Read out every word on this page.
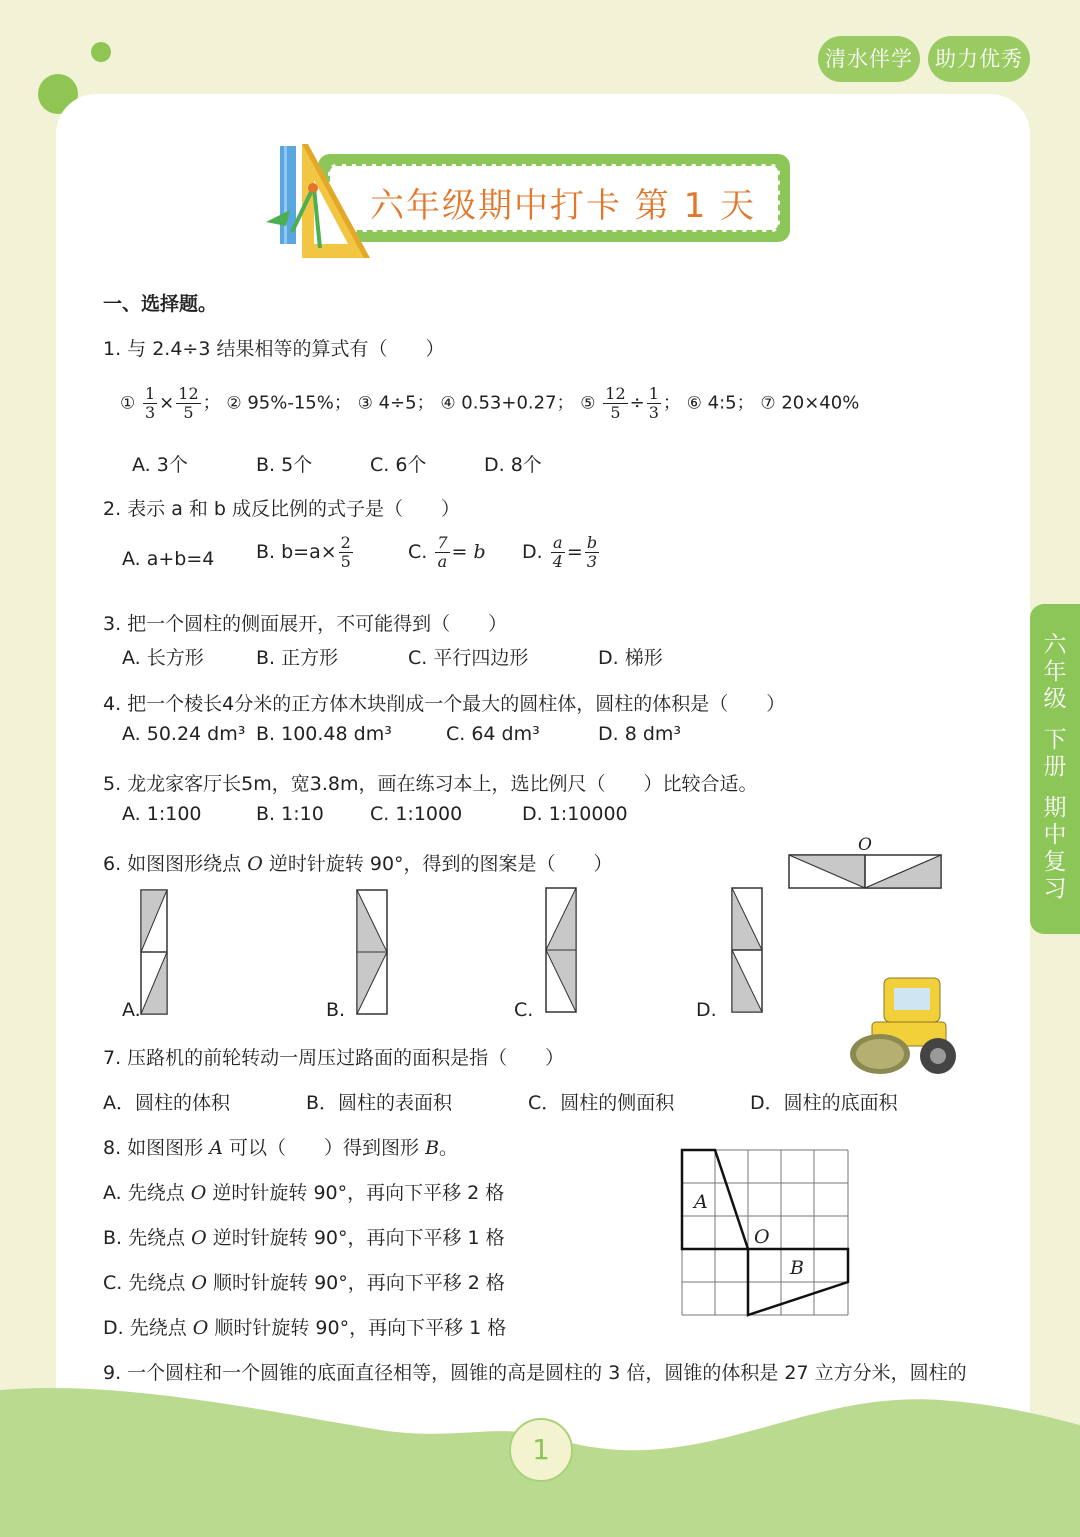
清水伴学	助力优秀
六
年
级
下
册
期
中
复
习
六年级期中打卡 第 1 天
一、选择题。
1. 与 2.4÷3 结果相等的算式有（　　）
① $\frac{1}{3} \times \frac{12}{5}$ ； ② 95%-15%； ③ 4÷5； ④ 0.53+0.27； ⑤ $\frac{12}{5} \div \frac{1}{3}$ ； ⑥ 4:5； ⑦ 20×40%
A. 3个	B. 5个	C. 6个	D. 8个
2. 表示 a 和 b 成反比例的式子是（　　）
A. a+b=4 B. $b=a\times \frac{2}{5}$	C. $\frac{7}{a} = b$ D. $\frac{a}{4} = \frac{b}{3}$
3. 把一个圆柱的侧面展开，不可能得到（　　）
A. 长方形	B. 正方形	C. 平行四边形	D. 梯形
4. 把一个棱长4分米的正方体木块削成一个最大的圆柱体，圆柱的体积是（　　）
A. 50.24 dm³ B. 100.48 dm³	C. 64 dm³	D. 8 dm³
5. 龙龙家客厅长5m，宽3.8m，画在练习本上，选比例尺（　　）比较合适。
A. 1:100	B. 1:10 C. 1:1000	D. 1:10000
6. 如图图形绕点 O 逆时针旋转 90°，得到的图案是（　　）
O
A.	B.	C.	D.
7. 压路机的前轮转动一周压过路面的面积是指（　　）
A．圆柱的体积	B．圆柱的表面积	C．圆柱的侧面积	D．圆柱的底面积
8. 如图图形 A 可以（　　）得到图形 B。
A. 先绕点 O 逆时针旋转 90°，再向下平移 2 格
B. 先绕点 O 逆时针旋转 90°，再向下平移 1 格
C. 先绕点 O 顺时针旋转 90°，再向下平移 2 格
D. 先绕点 O 顺时针旋转 90°，再向下平移 1 格
A
O
B
9. 一个圆柱和一个圆锥的底面直径相等，圆锥的高是圆柱的 3 倍，圆锥的体积是 27 立方分米，圆柱的
1
